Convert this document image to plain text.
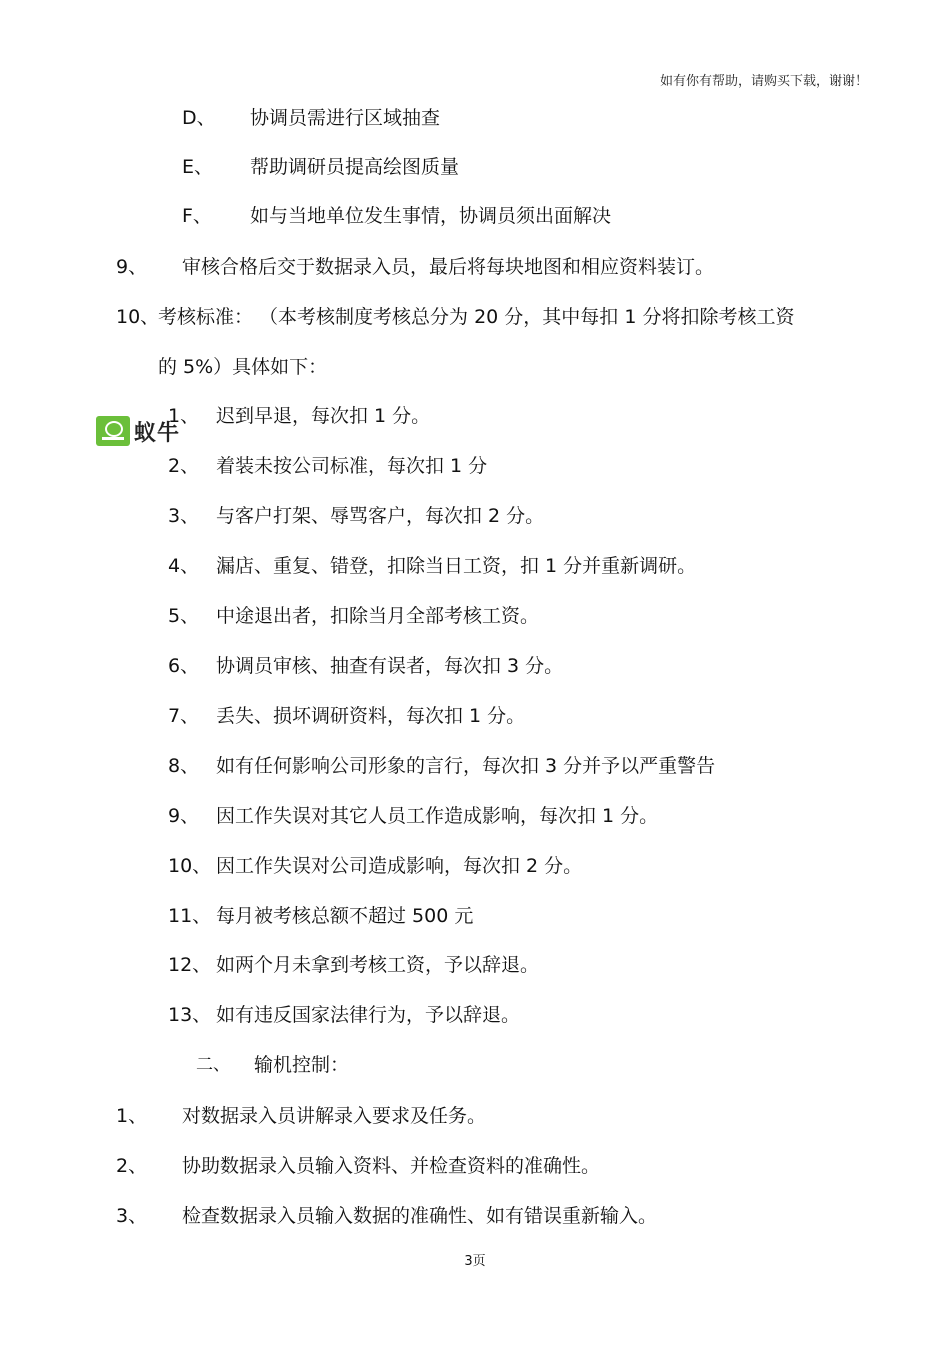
如有你有帮助，请购买下载，谢谢！
D、 协调员需进行区域抽查
E、 帮助调研员提高绘图质量
F、 如与当地单位发生事情，协调员须出面解决
9、 审核合格后交于数据录入员，最后将每块地图和相应资料装订。
10、
考核标准： （本考核制度考核总分为 20 分，其中每扣 1 分将扣除考核工资
的 5%）具体如下：
蚁牛
1、 迟到早退，每次扣 1 分。
2、 着装未按公司标准，每次扣 1 分
3、 与客户打架、辱骂客户，每次扣 2 分。
4、 漏店、重复、错登，扣除当日工资，扣 1 分并重新调研。
5、 中途退出者，扣除当月全部考核工资。
6、 协调员审核、抽查有误者，每次扣 3 分。
7、 丢失、损坏调研资料，每次扣 1 分。
8、 如有任何影响公司形象的言行，每次扣 3 分并予以严重警告
9、 因工作失误对其它人员工作造成影响，每次扣 1 分。
10、 因工作失误对公司造成影响，每次扣 2 分。
11、 每月被考核总额不超过 500 元
12、 如两个月未拿到考核工资，予以辞退。
13、 如有违反国家法律行为，予以辞退。
二、 输机控制：
1、 对数据录入员讲解录入要求及任务。
2、 协助数据录入员输入资料、并检查资料的准确性。
3、 检查数据录入员输入数据的准确性、如有错误重新输入。
3页
